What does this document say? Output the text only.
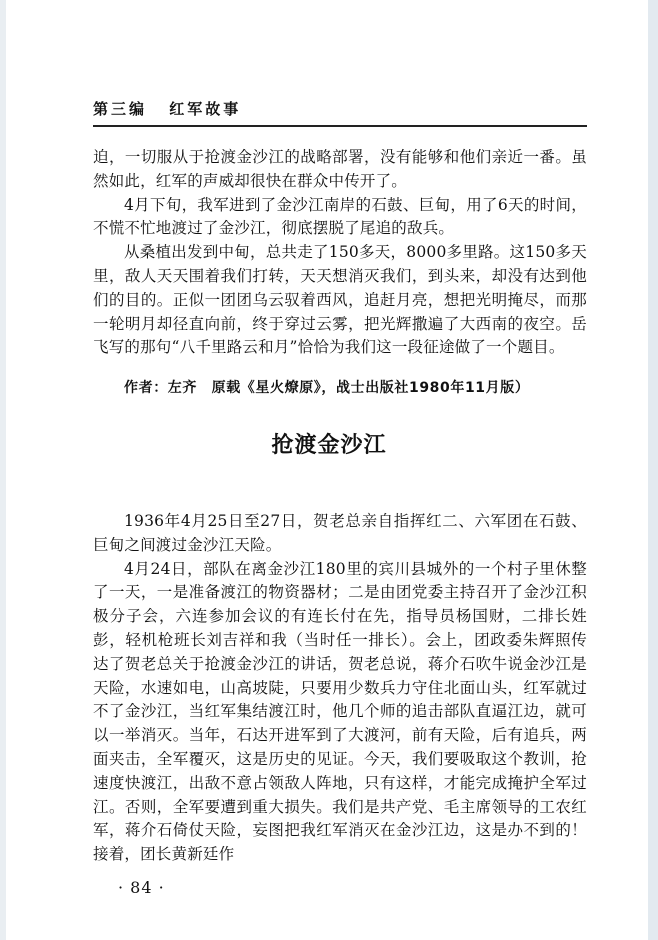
第三编 红军故事

迫，一切服从于抢渡金沙江的战略部署，没有能够和他们亲近一番。虽然如此，红军的声威却很快在群众中传开了。

4月下旬，我军进到了金沙江南岸的石鼓、巨甸，用了6天的时间，不慌不忙地渡过了金沙江，彻底摆脱了尾追的敌兵。

从桑植出发到中甸，总共走了150多天，8000多里路。这150多天里，敌人天天围着我们打转，天天想消灭我们，到头来，却没有达到他们的目的。正似一团团乌云驭着西风，追赶月亮，想把光明掩尽，而那一轮明月却径直向前，终于穿过云雾，把光辉撒遍了大西南的夜空。岳飞写的那句“八千里路云和月”恰恰为我们这一段征途做了一个题目。

作者：左齐　原载《星火燎原》，战士出版社1980年11月版）
抢渡金沙江

1936年4月25日至27日，贺老总亲自指挥红二、六军团在石鼓、巨甸之间渡过金沙江天险。

4月24日，部队在离金沙江180里的宾川县城外的一个村子里休整了一天，一是准备渡江的物资器材；二是由团党委主持召开了金沙江积极分子会，六连参加会议的有连长付在先，指导员杨国财，二排长姓彭，轻机枪班长刘吉祥和我（当时任一排长）。会上，团政委朱辉照传达了贺老总关于抢渡金沙江的讲话，贺老总说，蒋介石吹牛说金沙江是天险，水速如电，山高坡陡，只要用少数兵力守住北面山头，红军就过不了金沙江，当红军集结渡江时，他几个师的追击部队直逼江边，就可以一举消灭。当年，石达开进军到了大渡河，前有天险，后有追兵，两面夹击，全军覆灭，这是历史的见证。今天，我们要吸取这个教训，抢速度快渡江，出敌不意占领敌人阵地，只有这样，才能完成掩护全军过江。否则，全军要遭到重大损失。我们是共产党、毛主席领导的工农红军，蒋介石倚仗天险，妄图把我红军消灭在金沙江边，这是办不到的！接着，团长黄新廷作

· 84 ·
